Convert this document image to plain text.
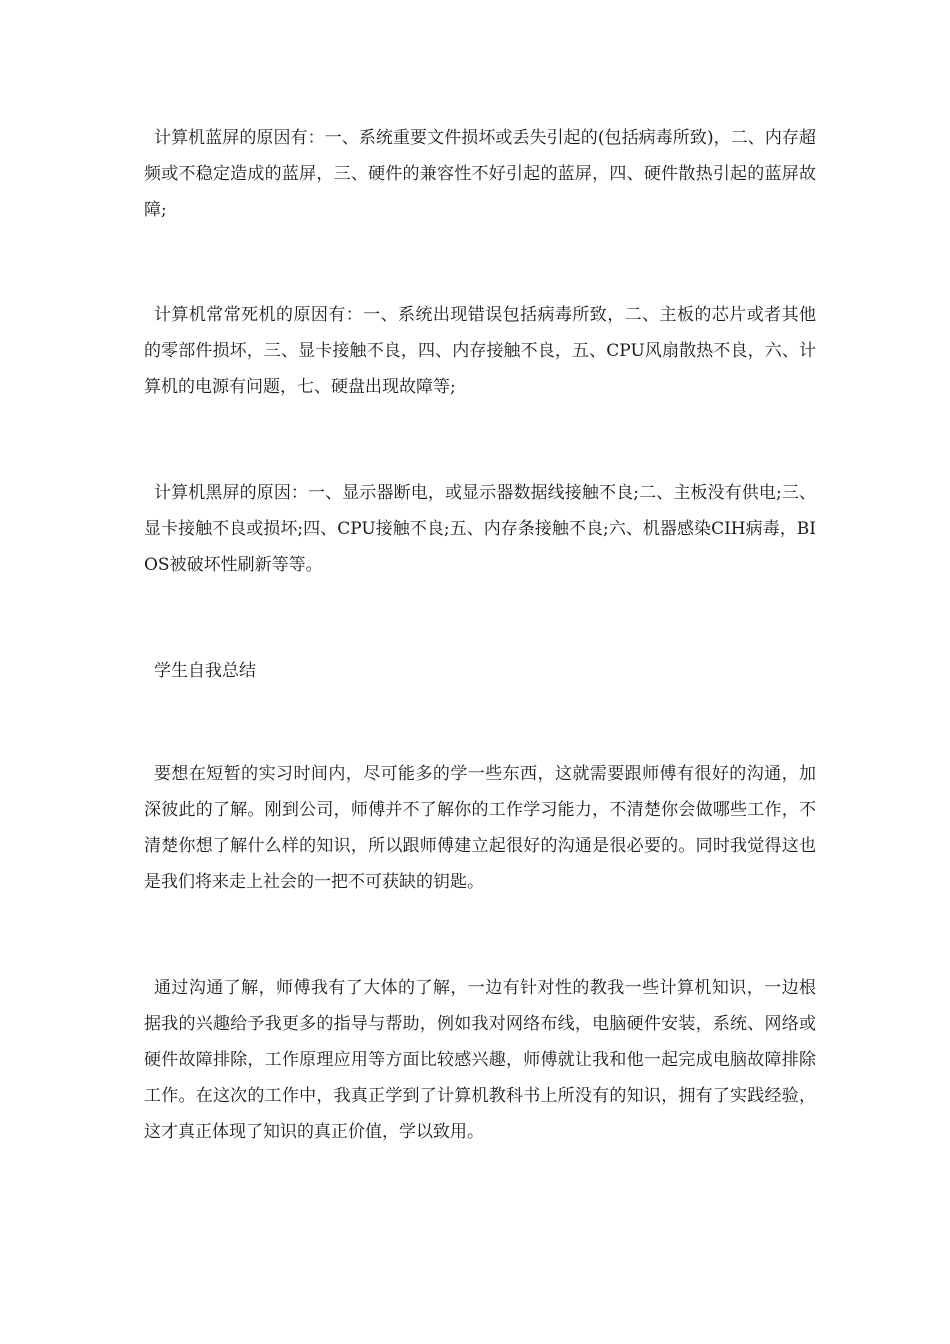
计算机蓝屏的原因有：一、系统重要文件损坏或丢失引起的(包括病毒所致)，二、内存超频或不稳定造成的蓝屏，三、硬件的兼容性不好引起的蓝屏，四、硬件散热引起的蓝屏故障;

计算机常常死机的原因有：一、系统出现错误包括病毒所致，二、主板的芯片或者其他的零部件损坏，三、显卡接触不良，四、内存接触不良，五、CPU风扇散热不良，六、计算机的电源有问题，七、硬盘出现故障等;

计算机黑屏的原因：一、显示器断电，或显示器数据线接触不良;二、主板没有供电;三、显卡接触不良或损坏;四、CPU接触不良;五、内存条接触不良;六、机器感染CIH病毒，BIOS被破坏性刷新等等。

学生自我总结

要想在短暂的实习时间内，尽可能多的学一些东西，这就需要跟师傅有很好的沟通，加深彼此的了解。刚到公司，师傅并不了解你的工作学习能力，不清楚你会做哪些工作，不清楚你想了解什么样的知识，所以跟师傅建立起很好的沟通是很必要的。同时我觉得这也是我们将来走上社会的一把不可获缺的钥匙。

通过沟通了解，师傅我有了大体的了解，一边有针对性的教我一些计算机知识，一边根据我的兴趣给予我更多的指导与帮助，例如我对网络布线，电脑硬件安装，系统、网络或硬件故障排除，工作原理应用等方面比较感兴趣，师傅就让我和他一起完成电脑故障排除工作。在这次的工作中，我真正学到了计算机教科书上所没有的知识，拥有了实践经验，这才真正体现了知识的真正价值，学以致用。
